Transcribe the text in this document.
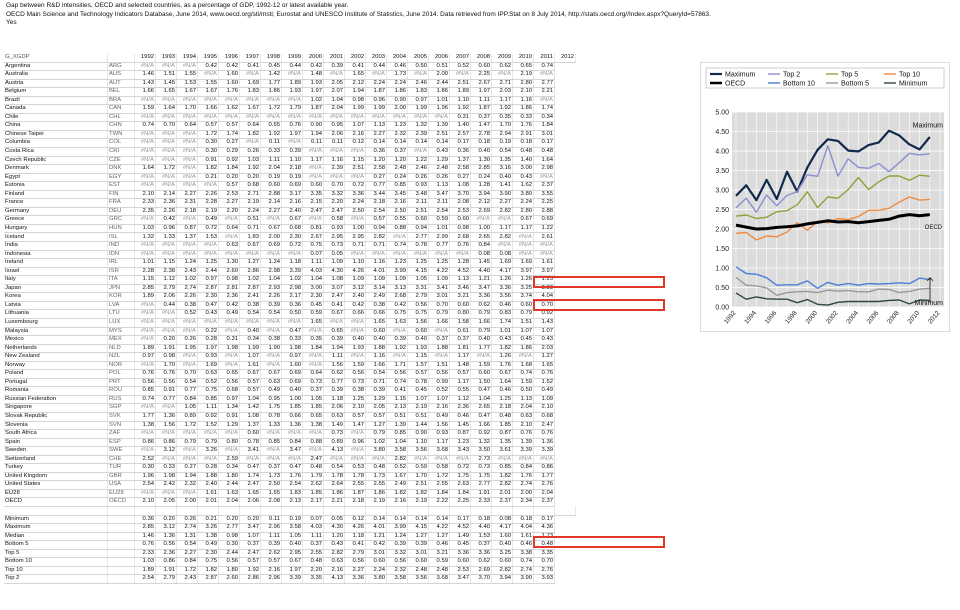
Gap between R&D intensities, OECD and selected countries, as a percentage of GDP, 1992-12 or latest available year.
OECD Main Science and Technology Indicators Database, June 2014, www.oecd.org/sti/msti; Eurostat and UNESCO Institute of Statistics, June 2014. Data retrieved from IPP.Stat on 8 July 2014, http://stats.oecd.org//Index.aspx?QueryId=57863.
Yes
G_XGDP		1992	1993	1994	1995	1996	1997	1998	1999	2000	2001	2002	2003	2004	2005	2006	2007	2008	2009	2010	2011	2012
Argentina	ARG	#N/A	#N/A	#N/A	0.42	0.42	0.41	0.45	0.44	0.42	0.39	0.41	0.44	0.46	0.50	0.51	0.52	0.60	0.62	0.65	0.74	
Australia	AUS	1.46	1.51	1.55	#N/A	1.60	#N/A	1.42	#N/A	1.48	#N/A	1.65	#N/A	1.73	#N/A	2.00	#N/A	2.25	#N/A	2.19	#N/A	
Austria	AUT	1.43	1.45	1.53	1.55	1.60	1.69	1.77	1.89	1.93	2.05	2.12	2.24	2.24	2.46	2.44	2.51	2.67	2.71	2.80	2.77	
Belgium	BEL	1.66	1.65	1.67	1.67	1.76	1.83	1.86	1.93	1.97	2.07	1.94	1.87	1.86	1.83	1.86	1.89	1.97	2.03	2.10	2.21	
Brazil	BRA	#N/A	#N/A	#N/A	#N/A	#N/A	#N/A	#N/A	#N/A	1.02	1.04	0.98	0.96	0.90	0.97	1.01	1.10	1.11	1.17	1.16	#N/A	
Canada	CAN	1.59	1.64	1.70	1.66	1.62	1.67	1.72	1.79	1.87	2.04	1.99	1.99	2.00	1.99	1.96	1.92	1.87	1.92	1.86	1.74	
Chile	CHL	#N/A	#N/A	#N/A	#N/A	#N/A	#N/A	#N/A	#N/A	#N/A	#N/A	#N/A	#N/A	#N/A	#N/A	#N/A	0.31	0.37	0.35	0.33	0.34	
China	CHN	0.74	0.70	0.64	0.57	0.57	0.64	0.65	0.76	0.90	0.95	1.07	1.13	1.23	1.32	1.39	1.40	1.47	1.70	1.76	1.84	
Chinese Taipei	TWN	#N/A	#N/A	#N/A	1.72	1.74	1.82	1.92	1.97	1.94	2.06	2.16	2.27	2.32	2.39	2.51	2.57	2.78	2.94	2.91	3.01	
Columbia	COL	#N/A	#N/A	#N/A	0.30	0.27	#N/A	0.11	#N/A	0.11	0.11	0.12	0.14	0.14	0.14	0.14	0.17	0.18	0.19	0.18	0.17	
Costa Rica	CRI	#N/A	#N/A	#N/A	0.30	0.29	0.26	0.33	0.39	#N/A	#N/A	#N/A	0.36	0.37	#N/A	0.43	0.36	0.40	0.54	0.48	0.48	
Czech Republic	CZE	#N/A	#N/A	#N/A	0.91	0.92	1.03	1.11	1.10	1.17	1.16	1.15	1.20	1.20	1.22	1.29	1.37	1.30	1.35	1.40	1.64	
Denmark	DNK	1.64	1.72	#N/A	1.82	1.84	1.92	2.04	2.18	#N/A	2.39	2.51	2.58	2.48	2.46	2.48	2.58	2.85	3.16	3.00	2.98	
Egypt	EGY	#N/A	#N/A	#N/A	0.21	0.20	0.20	0.19	0.19	#N/A	#N/A	#N/A	0.27	0.24	0.26	0.26	0.27	0.24	0.40	0.43	#N/A	
Estonia	EST	#N/A	#N/A	#N/A	#N/A	0.57	0.68	0.60	0.69	0.60	0.70	0.72	0.77	0.85	0.93	1.13	1.08	1.28	1.41	1.62	2.37	
Finland	FIN	2.10	2.14	2.27	2.26	2.53	2.71	2.88	3.17	3.35	3.32	3.36	3.44	3.45	3.48	3.47	3.70	3.94	3.90	3.80	3.55	
France	FRA	2.33	2.36	2.31	2.28	2.27	2.19	2.14	2.16	2.15	2.20	2.24	2.18	2.16	2.11	2.11	2.08	2.12	2.27	2.24	2.25	
Germany	DEU	2.35	2.26	2.18	2.19	2.20	2.24	2.27	2.40	2.47	2.47	2.50	2.54	2.50	2.51	2.54	2.53	2.69	2.82	2.80	2.88	
Greece	GRC	#N/A	0.42	#N/A	0.49	#N/A	0.51	#N/A	0.67	#N/A	0.58	#N/A	0.57	0.55	0.60	0.59	0.60	#N/A	#N/A	0.67	0.69	
Hungary	HUN	1.03	0.96	0.87	0.72	0.64	0.71	0.67	0.68	0.81	0.93	1.00	0.94	0.88	0.94	1.01	0.98	1.00	1.17	1.17	1.22	
Iceland	ISL	1.32	1.33	1.37	1.53	#N/A	1.83	2.00	2.30	2.67	2.95	2.95	2.82	#N/A	2.77	2.99	2.68	2.65	2.82	#N/A	2.61	
India	IND	#N/A	#N/A	#N/A	#N/A	0.63	0.67	0.69	0.72	0.75	0.73	0.71	0.71	0.74	0.78	0.77	0.76	0.84	#N/A	#N/A	#N/A	
Indonesia	IDN	#N/A	#N/A	#N/A	#N/A	#N/A	#N/A	#N/A	#N/A	0.07	0.05	#N/A	#N/A	#N/A	#N/A	#N/A	#N/A	0.08	0.08	#N/A	#N/A	
Ireland	IRL	1.01	1.15	1.24	1.25	1.30	1.27	1.24	1.18	1.11	1.09	1.10	1.16	1.23	1.25	1.25	1.28	1.45	1.69	1.69	1.61	
Israel	ISR	2.28	2.38	2.43	2.44	2.60	2.86	2.98	3.39	4.03	4.30	4.26	4.01	3.99	4.15	4.22	4.52	4.40	4.17	3.97	3.97	
Italy	ITA	1.15	1.12	1.02	0.97	0.98	1.02	1.04	1.02	1.04	1.08	1.09	1.09	1.09	1.05	1.09	1.13	1.21	1.26	1.26	1.25	
Japan	JPN	2.85	2.79	2.74	2.87	2.81	2.87	2.93	2.98	3.00	3.07	3.12	3.14	3.13	3.31	3.41	3.46	3.47	3.36	3.25	3.38	
Korea	KOR	1.89	2.06	2.26	2.30	2.36	2.41	2.26	2.17	2.30	2.47	2.40	2.49	2.68	2.79	3.01	3.21	3.36	3.56	3.74	4.04	
Latvia	LVA	#N/A	0.44	0.38	0.47	0.42	0.38	0.39	0.36	0.45	0.41	0.42	0.38	0.42	0.56	0.70	0.60	0.62	0.46	0.60	0.70	
Lithuania	LTU	#N/A	#N/A	0.52	0.43	0.49	0.54	0.54	0.50	0.59	0.67	0.66	0.66	0.75	0.75	0.79	0.80	0.79	0.83	0.79	0.92	
Luxembourg	LUX	#N/A	#N/A	#N/A	#N/A	#N/A	#N/A	#N/A	#N/A	1.65	#N/A	#N/A	1.65	1.63	1.56	1.66	1.58	1.66	1.74	1.51	1.43	
Malaysia	MYS	#N/A	#N/A	#N/A	0.22	#N/A	0.40	#N/A	0.47	#N/A	0.65	#N/A	0.60	#N/A	0.60	#N/A	0.61	0.79	1.01	1.07	1.07	
Mexico	MEX	#N/A	0.20	0.26	0.28	0.31	0.34	0.38	0.33	0.35	0.39	0.40	0.40	0.39	0.40	0.37	0.37	0.40	0.43	0.45	0.43	
Netherlands	NLD	1.89	1.91	1.95	1.97	1.98	1.99	1.90	1.98	1.84	1.94	1.93	1.88	1.92	1.93	1.88	1.81	1.77	1.82	1.86	2.03	
New Zealand	NZL	0.97	0.98	#N/A	0.93	#N/A	1.07	#N/A	0.97	#N/A	1.11	#N/A	1.16	#N/A	1.15	#N/A	1.17	#N/A	1.26	#N/A	1.27	
Norway	NOR	#N/A	1.70	#N/A	1.69	#N/A	1.61	#N/A	1.60	#N/A	1.56	1.59	1.66	1.71	1.57	1.51	1.48	1.59	1.76	1.68	1.65	
Poland	POL	0.76	0.76	0.70	0.63	0.65	0.67	0.67	0.69	0.64	0.62	0.56	0.54	0.56	0.57	0.56	0.57	0.60	0.67	0.74	0.76	
Portugal	PRT	0.56	0.56	0.54	0.52	0.56	0.57	0.63	0.69	0.73	0.77	0.73	0.71	0.74	0.78	0.99	1.17	1.50	1.64	1.59	1.52	
Romania	ROU	0.85	0.91	0.77	0.75	0.68	0.57	0.49	0.40	0.37	0.39	0.38	0.39	0.41	0.45	0.52	0.55	0.47	0.46	0.50	0.49	
Russian Federation	RUS	0.74	0.77	0.84	0.85	0.97	1.04	0.95	1.00	1.05	1.18	1.25	1.29	1.15	1.07	1.07	1.12	1.04	1.25	1.13	1.09	
Singapore	SGP	#N/A	#N/A	1.05	1.11	1.34	1.42	1.75	1.85	1.85	2.06	2.10	2.05	2.13	2.19	2.16	2.36	2.65	2.18	2.04	2.10	
Slovak Republic	SVK	1.77	1.36	0.89	0.92	0.91	1.08	0.78	0.66	0.65	0.63	0.57	0.57	0.51	0.51	0.49	0.46	0.47	0.48	0.63	0.68	
Slovenia	SVN	1.38	1.56	1.72	1.52	1.29	1.37	1.33	1.36	1.38	1.49	1.47	1.27	1.39	1.44	1.56	1.45	1.66	1.85	2.10	2.47	
South Africa	ZAF	#N/A	#N/A	#N/A	#N/A	#N/A	0.60	#N/A	#N/A	#N/A	0.73	#N/A	0.79	0.85	0.90	0.93	0.87	0.92	0.87	0.76	0.76	
Spain	ESP	0.86	0.86	0.79	0.79	0.80	0.78	0.85	0.84	0.88	0.89	0.96	1.02	1.04	1.10	1.17	1.23	1.32	1.35	1.39	1.36	
Sweden	SWE	#N/A	3.12	#N/A	3.26	#N/A	3.41	#N/A	3.47	#N/A	4.13	#N/A	3.80	3.58	3.56	3.68	3.43	3.50	3.61	3.39	3.39	
Switzerland	CHE	2.52	#N/A	#N/A	#N/A	2.59	#N/A	#N/A	#N/A	2.47	#N/A	#N/A	#N/A	2.82	#N/A	#N/A	#N/A	2.73	#N/A	#N/A	#N/A	
Turkey	TUR	0.30	0.33	0.27	0.28	0.34	0.47	0.37	0.47	0.48	0.54	0.53	0.48	0.52	0.59	0.58	0.72	0.73	0.85	0.84	0.86	
United Kingdom	GBR	1.96	1.98	1.94	1.88	1.80	1.74	1.73	1.76	1.79	1.78	1.78	1.73	1.67	1.70	1.72	1.75	1.75	1.82	1.76	1.77	
United States	USA	2.54	2.42	2.32	2.40	2.44	2.47	2.50	2.54	2.62	2.64	2.55	2.55	2.49	2.51	2.55	2.63	2.77	2.82	2.74	2.76	
EU28	EU28	#N/A	#N/A	#N/A	1.61	1.63	1.65	1.65	1.83	1.85	1.86	1.87	1.86	1.82	1.82	1.84	1.84	1.91	2.01	2.00	2.04	
OECD	OECD	2.10	2.05	2.00	2.01	2.04	2.06	2.08	2.13	2.17	2.21	2.18	2.19	2.16	2.19	2.22	2.25	2.33	2.37	2.34	2.37	

Minimum		0.36	0.20	0.26	0.21	0.20	0.20	0.11	0.19	0.07	0.05	0.12	0.14	0.14	0.14	0.14	0.17	0.18	0.08	0.18	0.17	
Maximum		2.85	3.12	2.74	3.26	2.77	3.47	2.96	3.58	4.03	4.30	4.26	4.01	3.99	4.15	4.22	4.52	4.40	4.17	4.04	4.36	
Median		1.46	1.36	1.31	1.38	0.98	1.07	1.11	1.05	1.11	1.20	1.18	1.21	1.24	1.27	1.27	1.49	1.53	1.60	1.61	1.73	
Bottom 5		0.76	0.56	0.54	0.49	0.30	0.37	0.39	0.40	0.37	0.43	0.41	0.42	0.39	0.39	0.46	0.45	0.37	0.40	0.46	0.48	
Top 5		2.33	2.36	2.27	2.30	2.44	2.47	2.62	2.95	2.55	2.82	2.79	3.01	3.32	3.01	3.21	3.36	3.36	3.25	3.38	3.35	
Bottom 10		1.03	0.86	0.84	0.75	0.56	0.57	0.57	0.67	0.48	0.63	0.56	0.60	0.56	0.60	0.59	0.60	0.62	0.60	0.74	0.70	
Top 10		1.89	1.91	1.72	1.82	1.80	1.92	2.16	1.97	2.20	2.16	2.27	2.24	2.32	2.48	2.48	2.53	2.69	2.82	2.74	2.76	
Top 2		2.54	2.79	2.43	2.87	2.60	2.86	2.96	3.39	3.35	4.13	3.36	3.80	3.58	3.56	3.68	3.47	3.70	3.94	3.90	3.93	
0.00
0.50
1.00
1.50
2.00
2.50
3.00
3.50
4.00
4.50
5.00
1992 1994 1996 1998 2000 2002 2004 2006 2008 2010 2012
Maximum	Top 2	Top 5	Top 10
OECD	Bottom 10	Bottom 5	Minimum
Maximum
OECD
Minimum
